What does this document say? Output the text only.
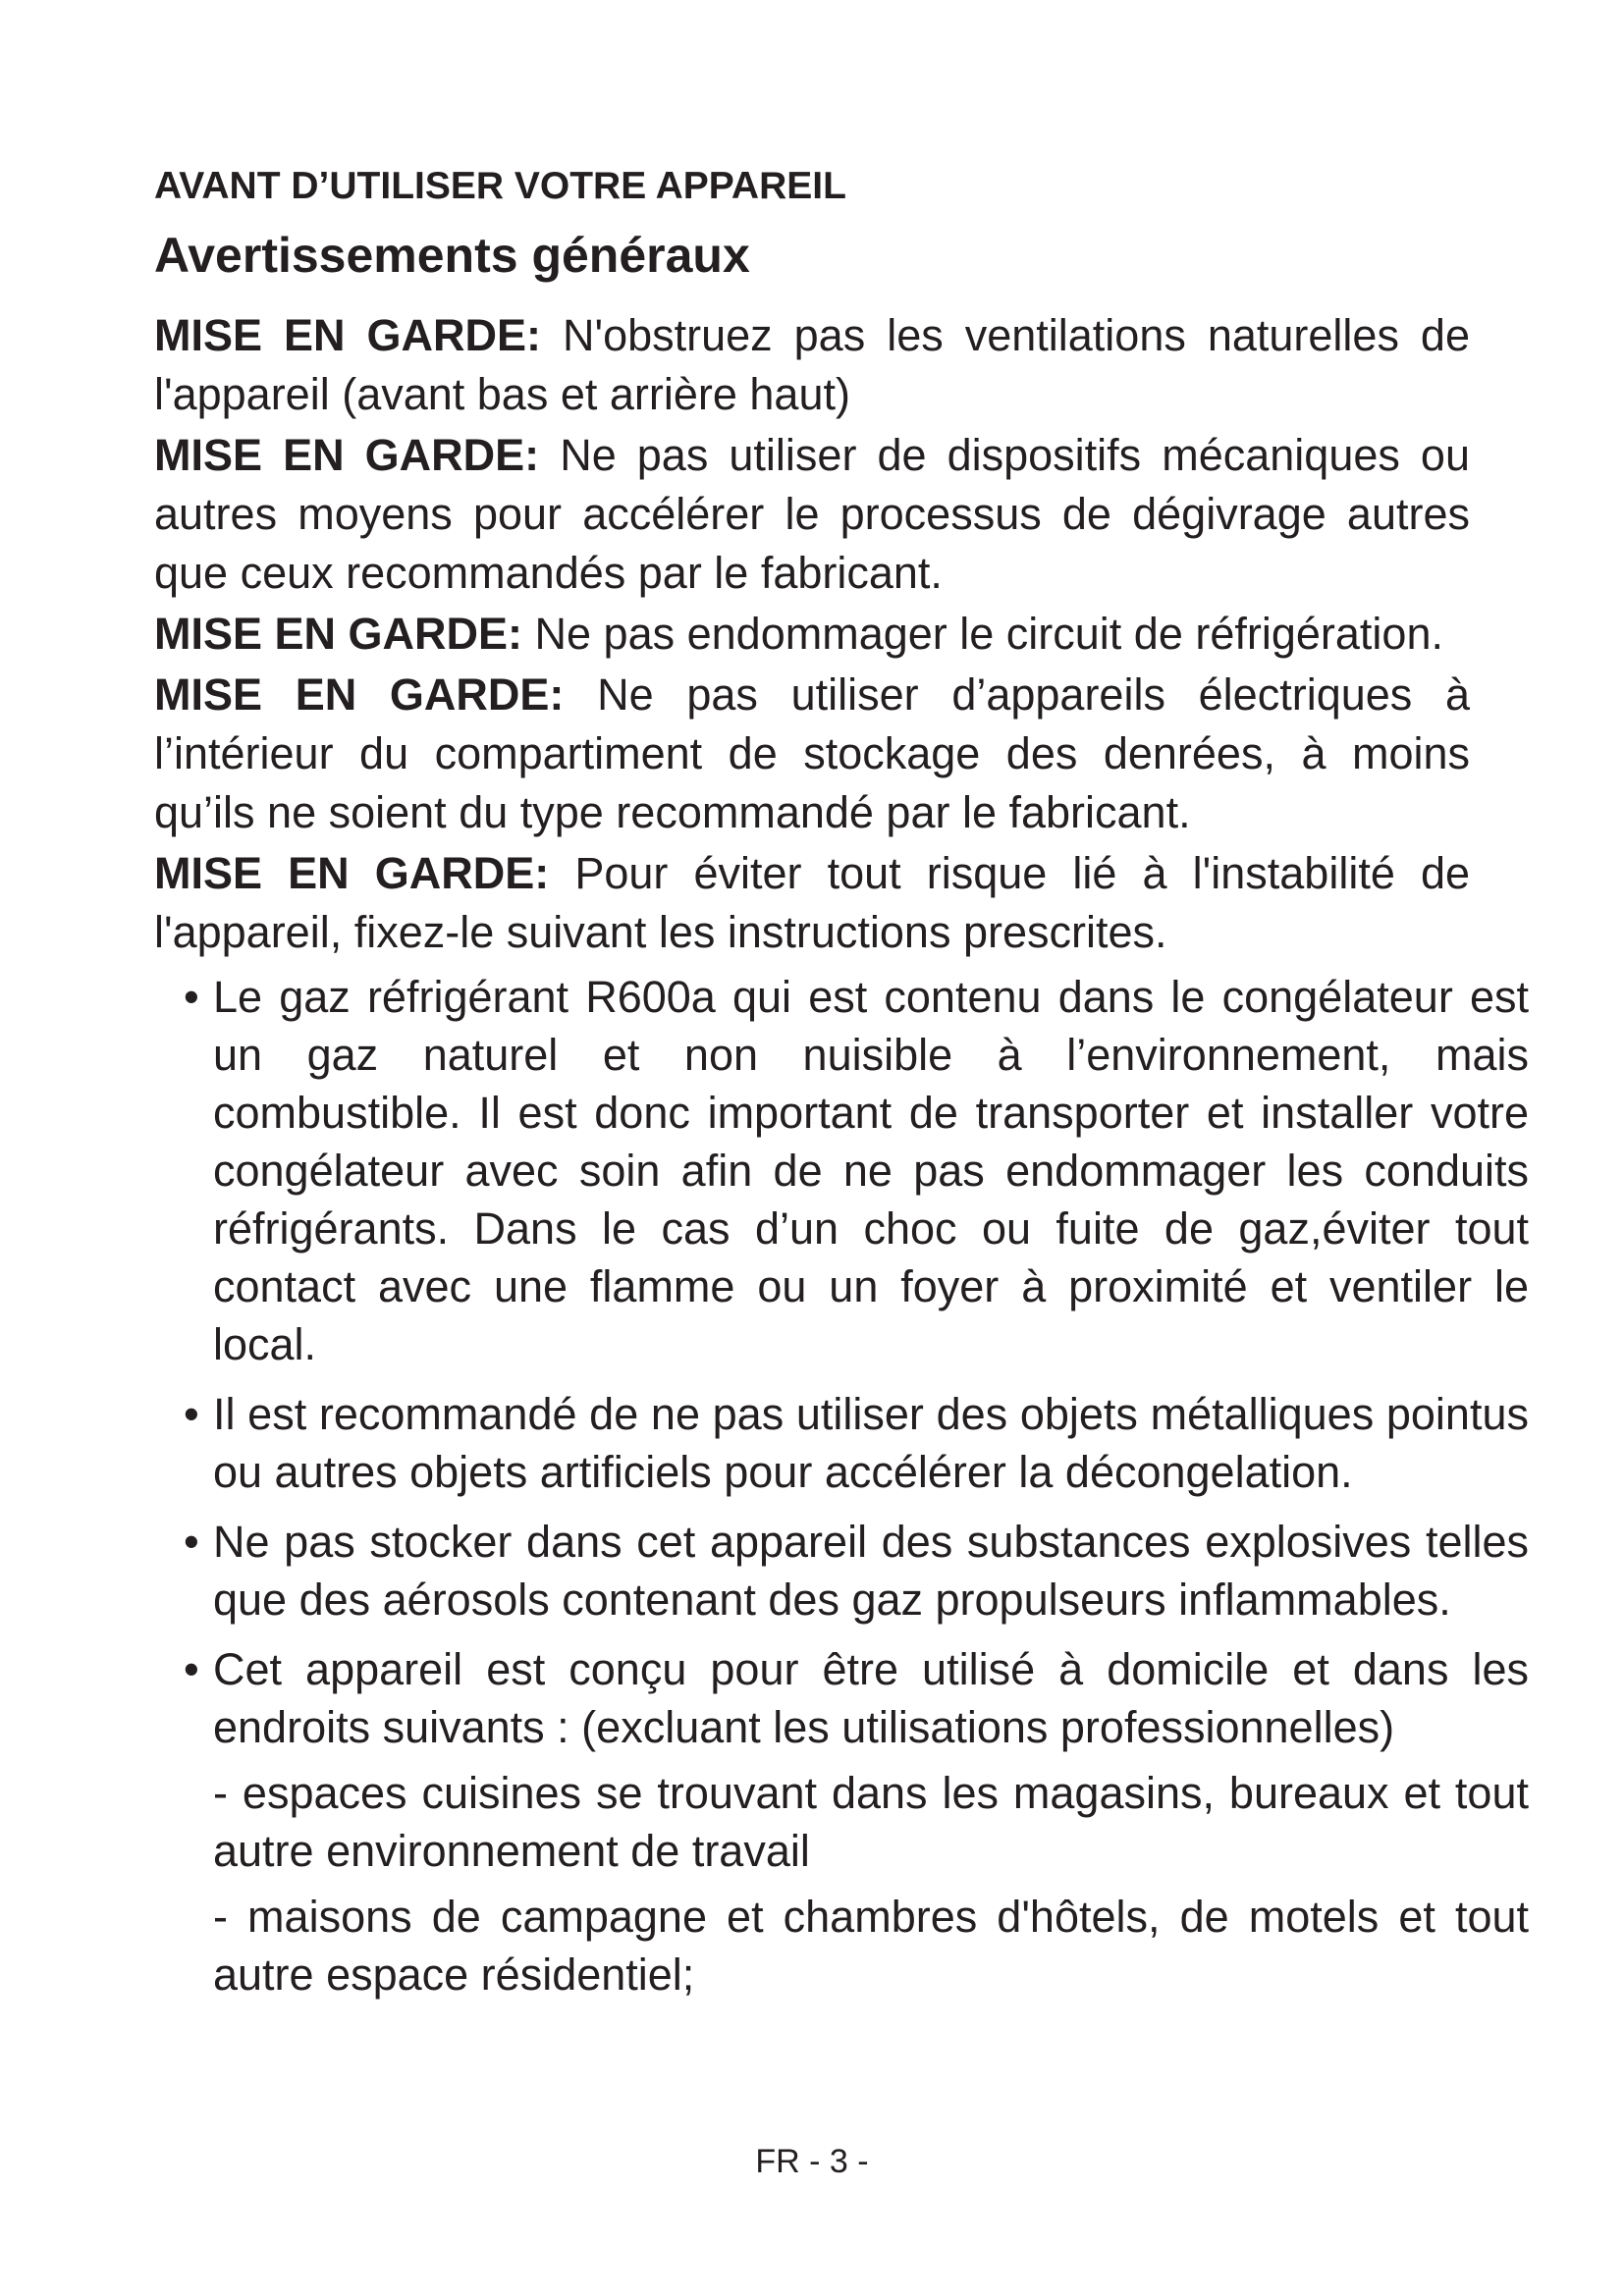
AVANT D’UTILISER VOTRE APPAREIL
Avertissements généraux

MISE EN GARDE: N'obstruez pas les ventilations naturelles de l'appareil (avant bas et arrière haut)

MISE EN GARDE: Ne pas utiliser de dispositifs mécaniques ou autres moyens pour accélérer le processus de dégivrage autres que ceux recommandés par le fabricant.

MISE EN GARDE: Ne pas endommager le circuit de réfrigération.

MISE EN GARDE: Ne pas utiliser d’appareils électriques à l’intérieur du compartiment de stockage des denrées, à moins qu’ils ne soient du type recommandé par le fabricant.

MISE EN GARDE: Pour éviter tout risque lié à l'instabilité de l'appareil, fixez-le suivant les instructions prescrites.

• Le gaz réfrigérant R600a qui est contenu dans le congélateur est un gaz naturel et non nuisible à l’environnement, mais combustible. Il est donc important de transporter et installer votre congélateur avec soin afin de ne pas endommager les conduits réfrigérants. Dans le cas d’un choc ou fuite de gaz,éviter tout contact avec une flamme ou un foyer à proximité et ventiler le local.
• Il est recommandé de ne pas utiliser des objets métalliques pointus ou autres objets artificiels pour accélérer la décongelation.
• Ne pas stocker dans cet appareil des substances explosives telles que des aérosols contenant des gaz propulseurs inflammables.
• Cet appareil est conçu pour être utilisé à domicile et dans les endroits suivants : (excluant les utilisations professionnelles)
- espaces cuisines se trouvant dans les magasins, bureaux et tout autre environnement de travail
- maisons de campagne et chambres d'hôtels, de motels et tout autre espace résidentiel;
FR - 3 -
